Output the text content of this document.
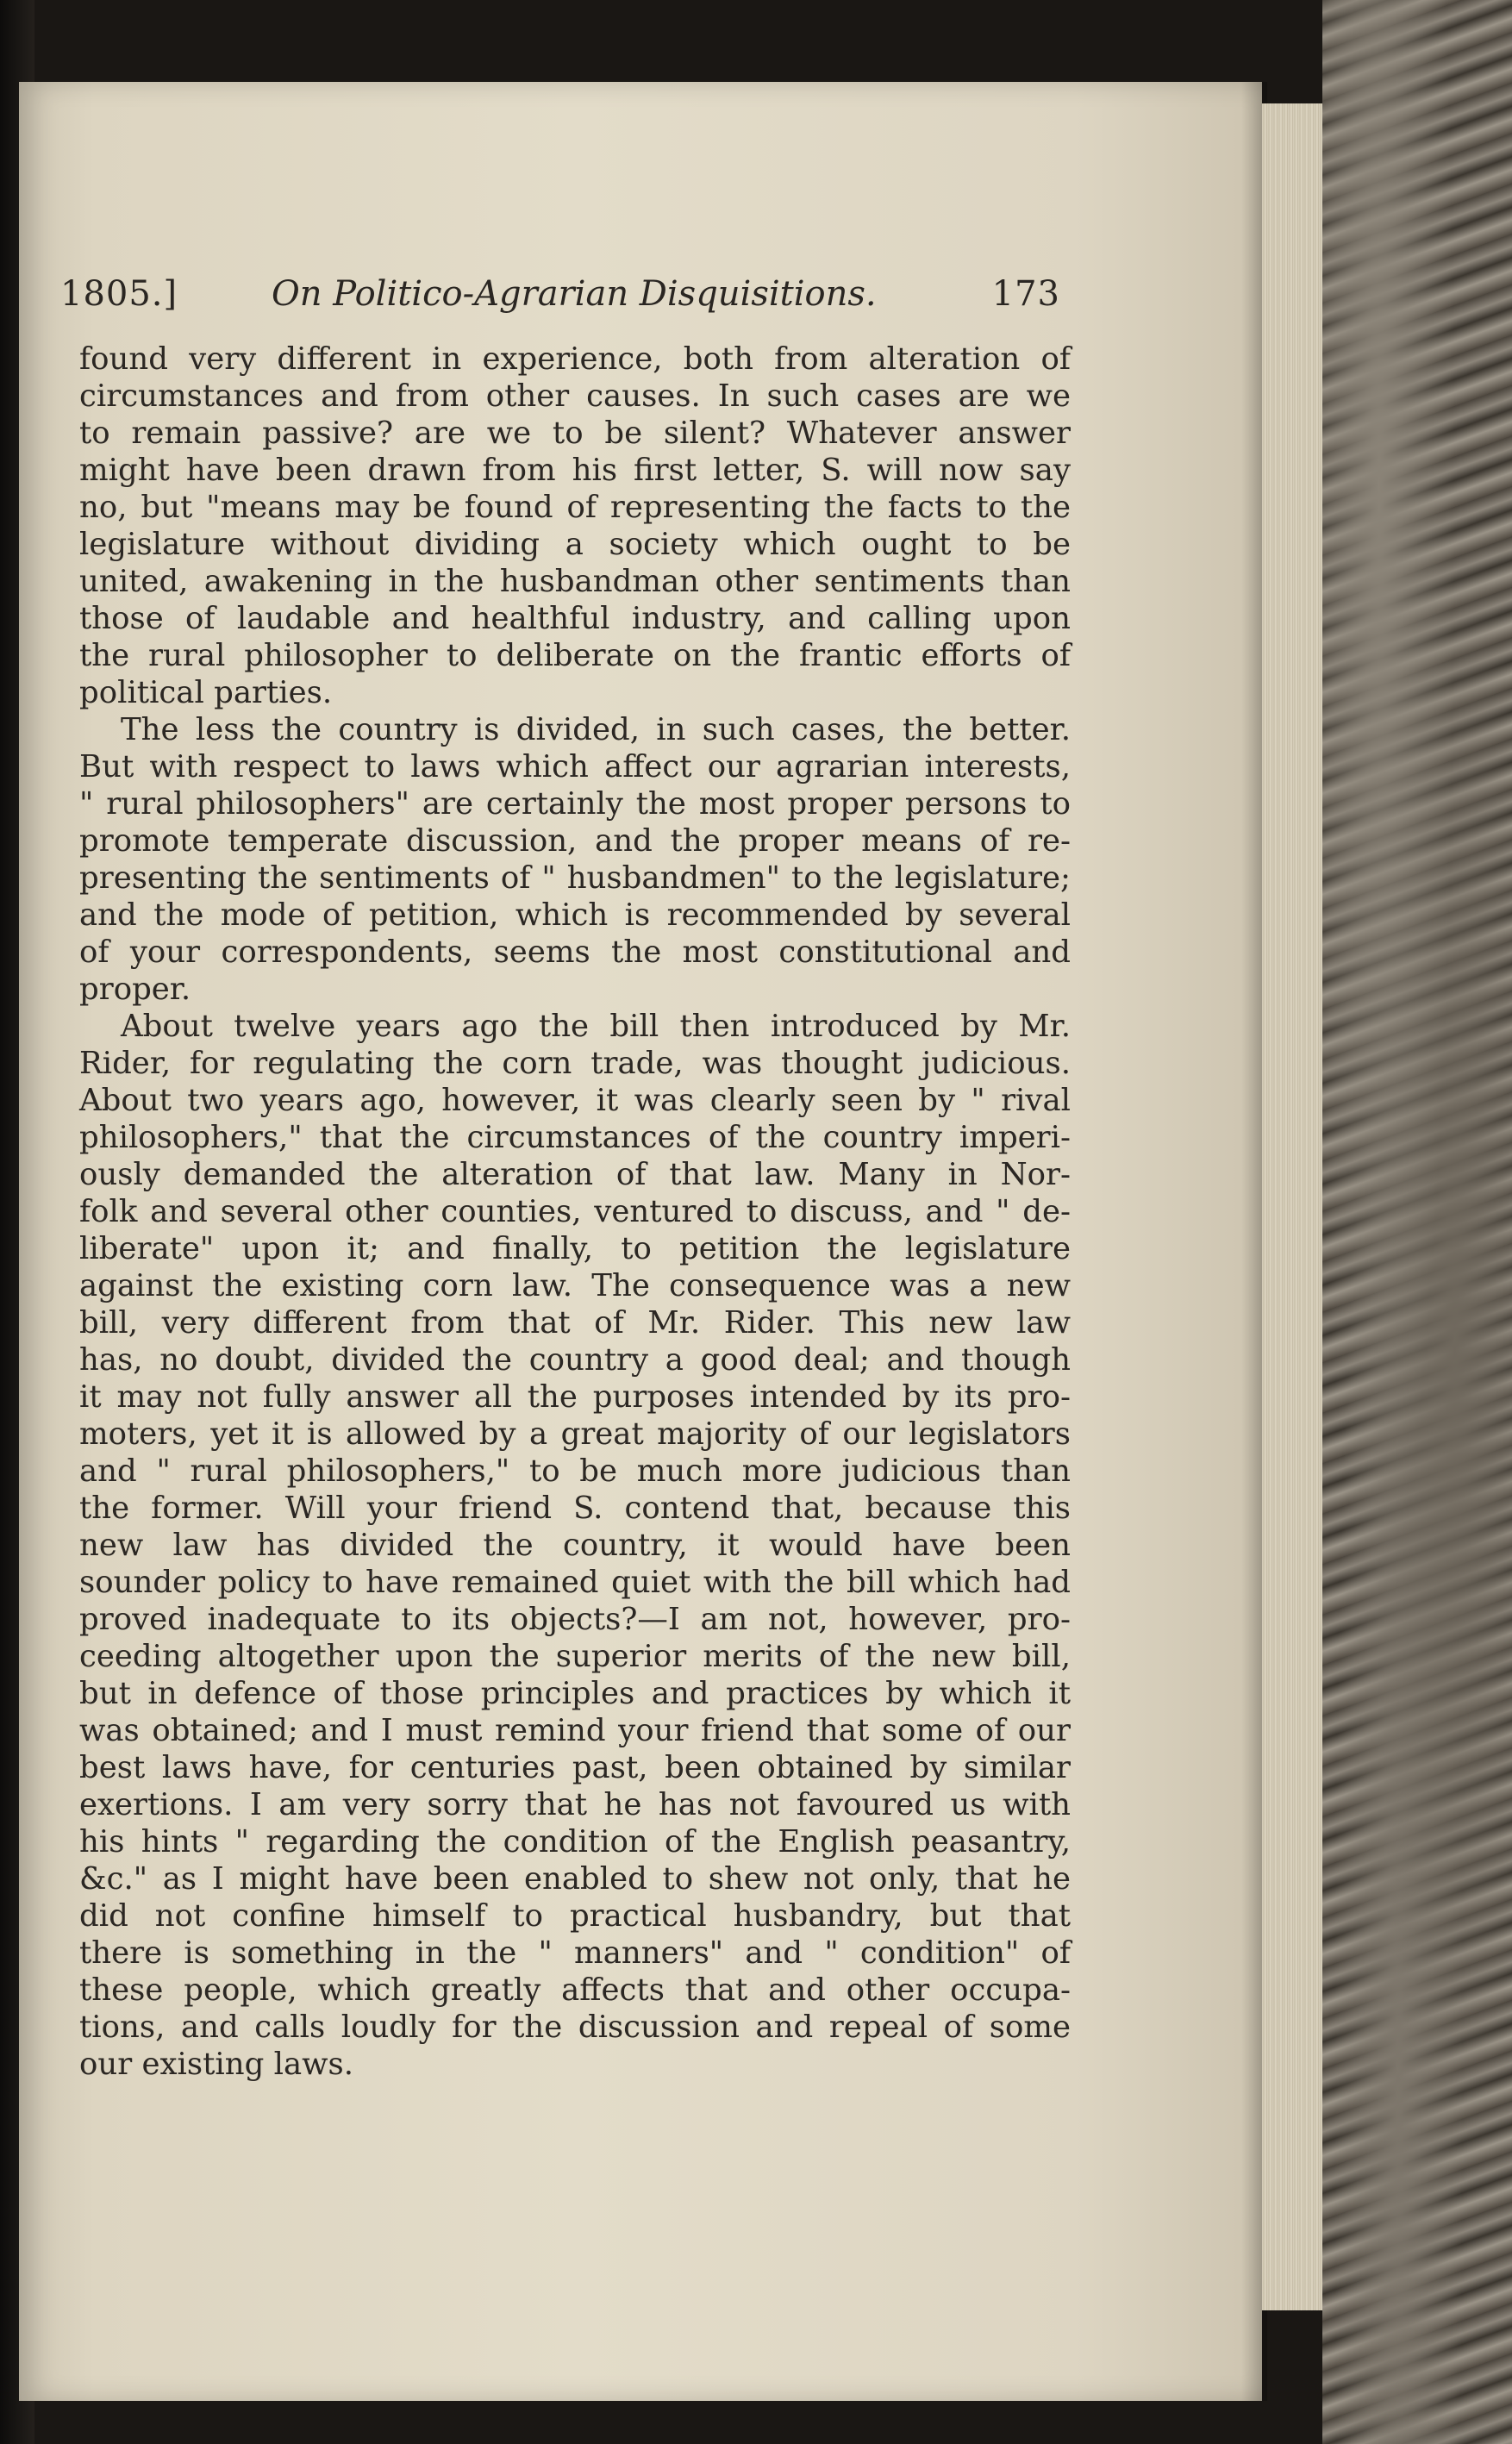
1805.]	On Politico-Agrarian Disquisitions.	173
found very different in experience, both from alteration of
circumstances and from other causes. In such cases are we
to remain passive? are we to be silent? Whatever answer
might have been drawn from his first letter, S. will now say
no, but "means may be found of representing the facts to the
legislature without dividing a society which ought to be
united, awakening in the husbandman other sentiments than
those of laudable and healthful industry, and calling upon
the rural philosopher to deliberate on the frantic efforts of
political parties.
The less the country is divided, in such cases, the better.
But with respect to laws which affect our agrarian interests,
" rural philosophers" are certainly the most proper persons to
promote temperate discussion, and the proper means of re-
presenting the sentiments of " husbandmen" to the legislature;
and the mode of petition, which is recommended by several
of your correspondents, seems the most constitutional and
proper.
About twelve years ago the bill then introduced by Mr.
Rider, for regulating the corn trade, was thought judicious.
About two years ago, however, it was clearly seen by " rival
philosophers," that the circumstances of the country imperi-
ously demanded the alteration of that law. Many in Nor-
folk and several other counties, ventured to discuss, and " de-
liberate" upon it; and finally, to petition the legislature
against the existing corn law. The consequence was a new
bill, very different from that of Mr. Rider. This new law
has, no doubt, divided the country a good deal; and though
it may not fully answer all the purposes intended by its pro-
moters, yet it is allowed by a great majority of our legislators
and " rural philosophers," to be much more judicious than
the former. Will your friend S. contend that, because this
new law has divided the country, it would have been
sounder policy to have remained quiet with the bill which had
proved inadequate to its objects?—I am not, however, pro-
ceeding altogether upon the superior merits of the new bill,
but in defence of those principles and practices by which it
was obtained; and I must remind your friend that some of our
best laws have, for centuries past, been obtained by similar
exertions. I am very sorry that he has not favoured us with
his hints " regarding the condition of the English peasantry,
&c." as I might have been enabled to shew not only, that he
did not confine himself to practical husbandry, but that
there is something in the " manners" and " condition" of
these people, which greatly affects that and other occupa-
tions, and calls loudly for the discussion and repeal of some
our existing laws.
